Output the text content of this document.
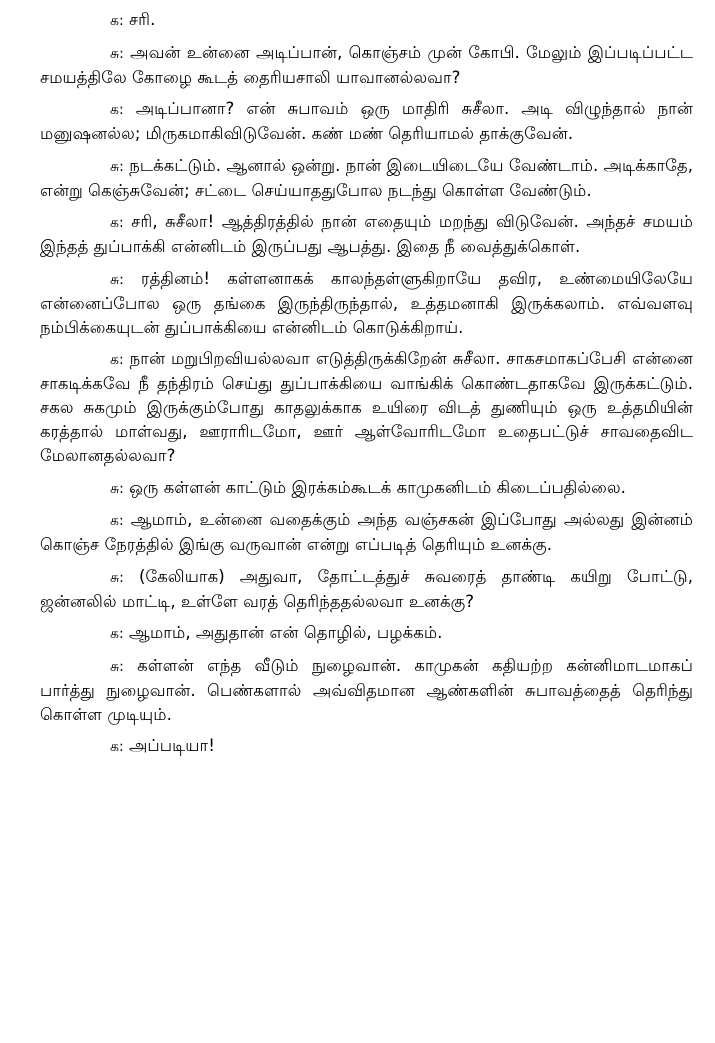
க: சரி.

சு: அவன் உன்னை அடிப்பான், கொஞ்சம் முன் கோபி. மேலும் இப்படிப்பட்ட சமயத்திலே கோழை கூடத் தைரியசாலி யாவானல்லவா?

க: அடிப்பானா? என் சுபாவம் ஒரு மாதிரி சுசீலா. அடி விழுந்தால் நான் மனுஷனல்ல; மிருகமாகிவிடுவேன். கண் மண் தெரியாமல் தாக்குவேன்.

சு: நடக்கட்டும். ஆனால் ஒன்று. நான் இடையிடையே வேண்டாம். அடிக்காதே, என்று கெஞ்சுவேன்; சட்டை செய்யாததுபோல நடந்து கொள்ள வேண்டும்.

க: சரி, சுசீலா! ஆத்திரத்தில் நான் எதையும் மறந்து விடுவேன். அந்தச் சமயம் இந்தத் துப்பாக்கி என்னிடம் இருப்பது ஆபத்து. இதை நீ வைத்துக்கொள்.

சு: ரத்தினம்! கள்ளனாகக் காலந்தள்ளுகிறாயே தவிர, உண்மையிலேயே என்னைப்போல ஒரு தங்கை இருந்திருந்தால், உத்தமனாகி இருக்கலாம். எவ்வளவு நம்பிக்கையுடன் துப்பாக்கியை என்னிடம் கொடுக்கிறாய்.

க: நான் மறுபிறவியல்லவா எடுத்திருக்கிறேன் சுசீலா. சாகசமாகப்பேசி என்னை சாகடிக்கவே நீ தந்திரம் செய்து துப்பாக்கியை வாங்கிக் கொண்டதாகவே இருக்கட்டும். சகல சுகமும் இருக்கும்போது காதலுக்காக உயிரை விடத் துணியும் ஒரு உத்தமியின் கரத்தால் மாள்வது, ஊராரிடமோ, ஊர் ஆள்வோரிடமோ உதைபட்டுச் சாவதைவிட மேலானதல்லவா?

சு: ஒரு கள்ளன் காட்டும் இரக்கம்கூடக் காமுகனிடம் கிடைப்பதில்லை.

க: ஆமாம், உன்னை வதைக்கும் அந்த வஞ்சகன் இப்போது அல்லது இன்னம் கொஞ்ச நேரத்தில் இங்கு வருவான் என்று எப்படித் தெரியும் உனக்கு.

சு: (கேலியாக) அதுவா, தோட்டத்துச் சுவரைத் தாண்டி கயிறு போட்டு, ஜன்னலில் மாட்டி, உள்ளே வரத் தெரிந்ததல்லவா உனக்கு?

க: ஆமாம், அதுதான் என் தொழில், பழக்கம்.

சு: கள்ளன் எந்த வீடும் நுழைவான். காமுகன் கதியற்ற கன்னிமாடமாகப் பார்த்து நுழைவான். பெண்களால் அவ்விதமான ஆண்களின் சுபாவத்தைத் தெரிந்து கொள்ள முடியும்.

க: அப்படியா!
